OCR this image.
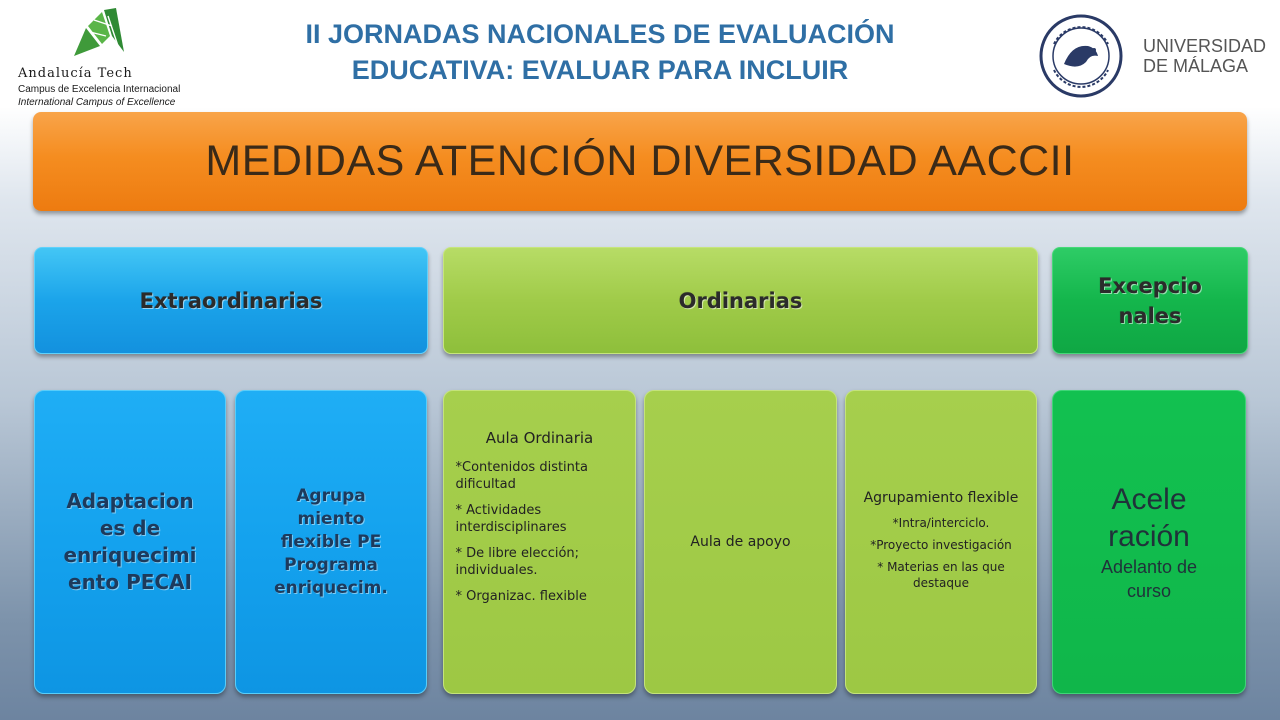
Andalucía Tech
Campus de Excelencia Internacional
International Campus of Excellence
II JORNADAS NACIONALES DE EVALUACIÓN
EDUCATIVA: EVALUAR PARA INCLUIR
UNIVERSIDAD
DE MÁLAGA
MEDIDAS ATENCIÓN DIVERSIDAD AACCII
Extraordinarias	Ordinarias
Excepcio
nales
Adaptacion
es de
enriquecimi
ento PECAI
Agrupa
miento
flexible PE
Programa
enriquecim.
Aula Ordinaria
*Contenidos distinta dificultad
* Actividades interdisciplinares
* De libre elección; individuales.
* Organizac. flexible
Aula de apoyo
Agrupamiento flexible
*Intra/interciclo.
*Proyecto investigación
* Materias en las que destaque
Acele
ración
Adelanto de curso
